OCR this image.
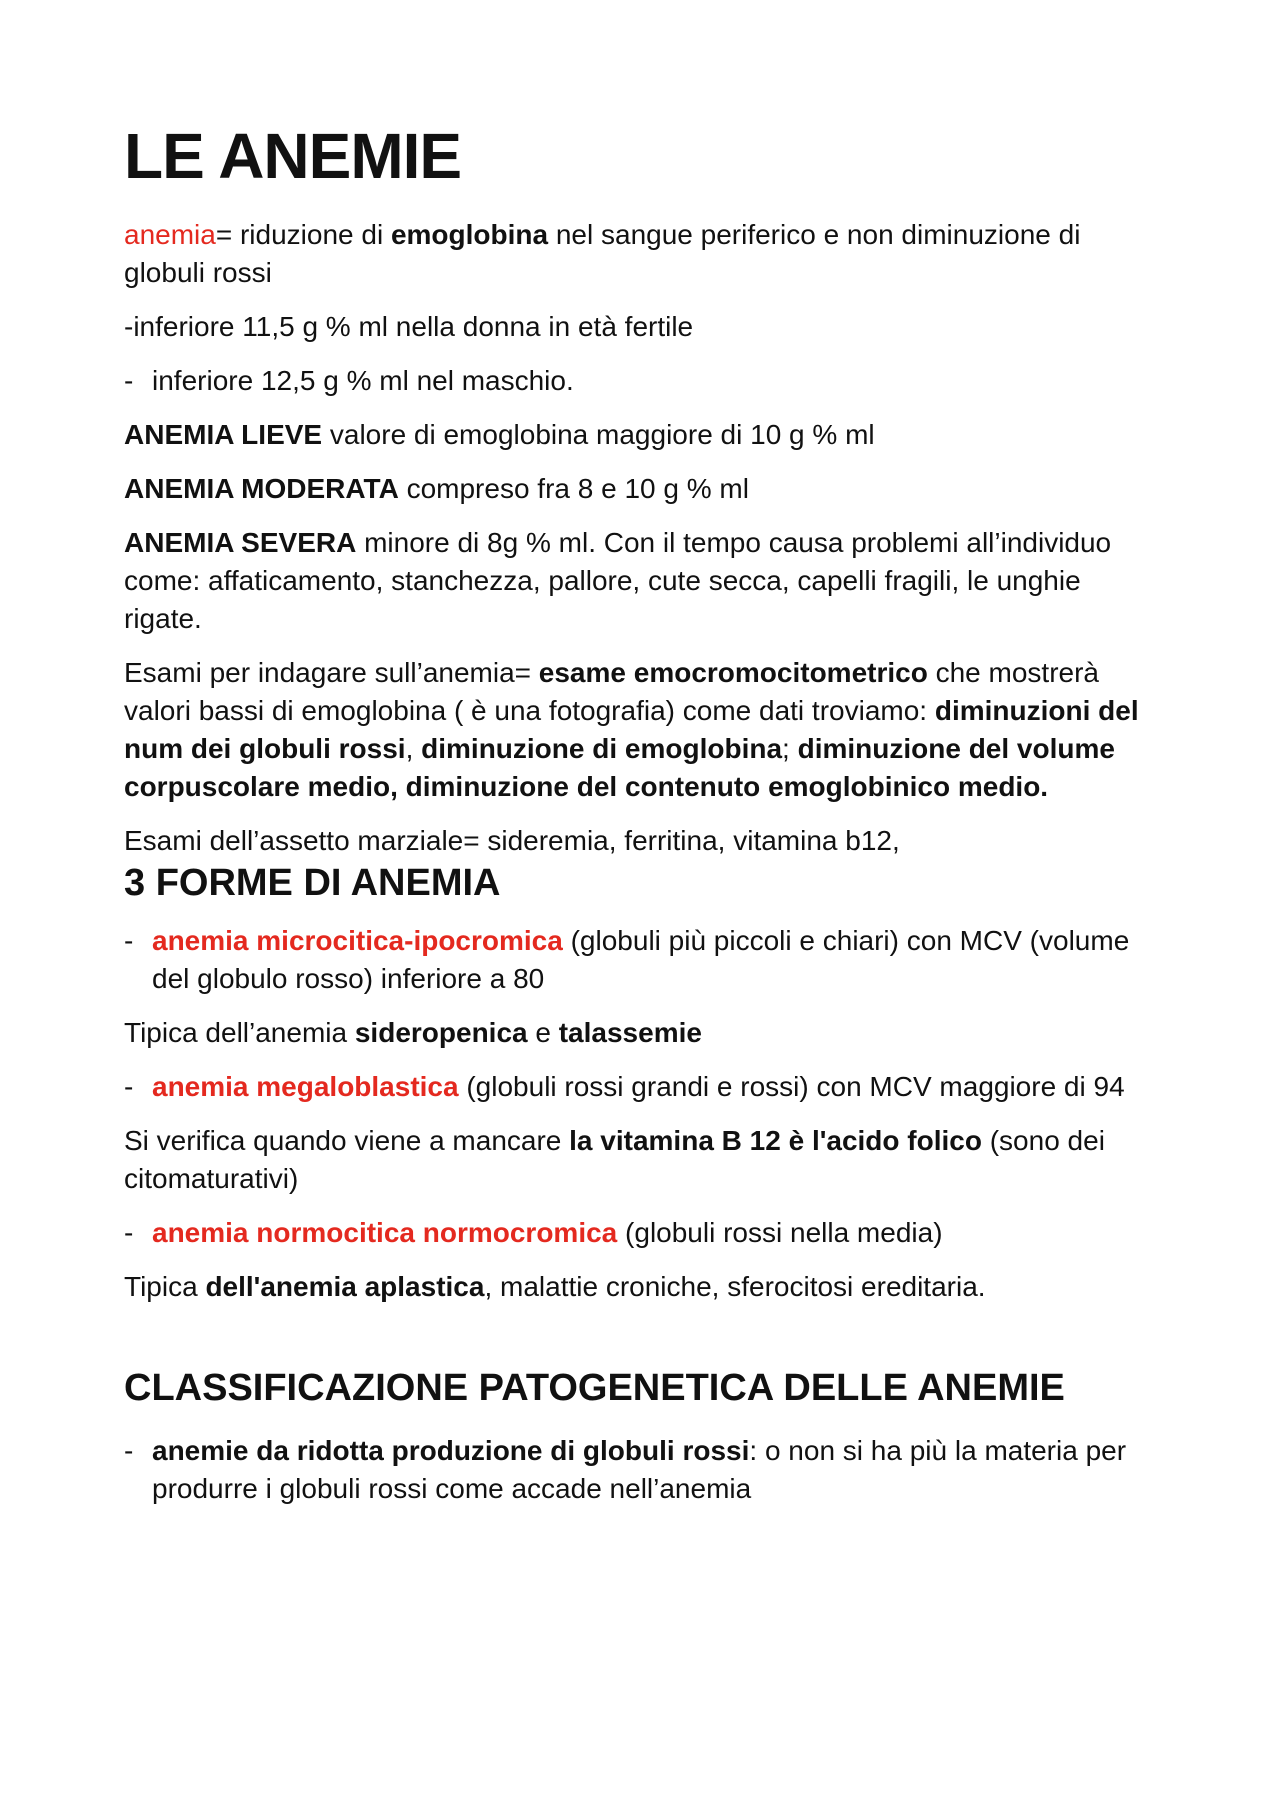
LE ANEMIE

anemia= riduzione di emoglobina nel sangue periferico e non diminuzione di globuli rossi

-inferiore 11,5 g % ml nella donna in età fertile

- inferiore 12,5 g % ml nel maschio.

ANEMIA LIEVE valore di emoglobina maggiore di 10 g % ml

ANEMIA MODERATA compreso fra 8 e 10 g % ml

ANEMIA SEVERA minore di 8g % ml. Con il tempo causa problemi all’individuo come: affaticamento, stanchezza, pallore, cute secca, capelli fragili, le unghie rigate.

Esami per indagare sull’anemia= esame emocromocitometrico che mostrerà valori bassi di emoglobina ( è una fotografia) come dati troviamo: diminuzioni del num dei globuli rossi, diminuzione di emoglobina; diminuzione del volume corpuscolare medio, diminuzione del contenuto emoglobinico medio.

Esami dell’assetto marziale= sideremia, ferritina, vitamina b12,

3 FORME DI ANEMIA

- anemia microcitica-ipocromica (globuli più piccoli e chiari) con MCV (volume del globulo rosso) inferiore a 80

Tipica dell’anemia sideropenica e talassemie

- anemia megaloblastica (globuli rossi grandi e rossi) con MCV maggiore di 94

Si verifica quando viene a mancare la vitamina B 12 è l'acido folico (sono dei citomaturativi)

- anemia normocitica normocromica (globuli rossi nella media)

Tipica dell'anemia aplastica, malattie croniche, sferocitosi ereditaria.

CLASSIFICAZIONE PATOGENETICA DELLE ANEMIE

- anemie da ridotta produzione di globuli rossi: o non si ha più la materia per produrre i globuli rossi come accade nell’anemia
